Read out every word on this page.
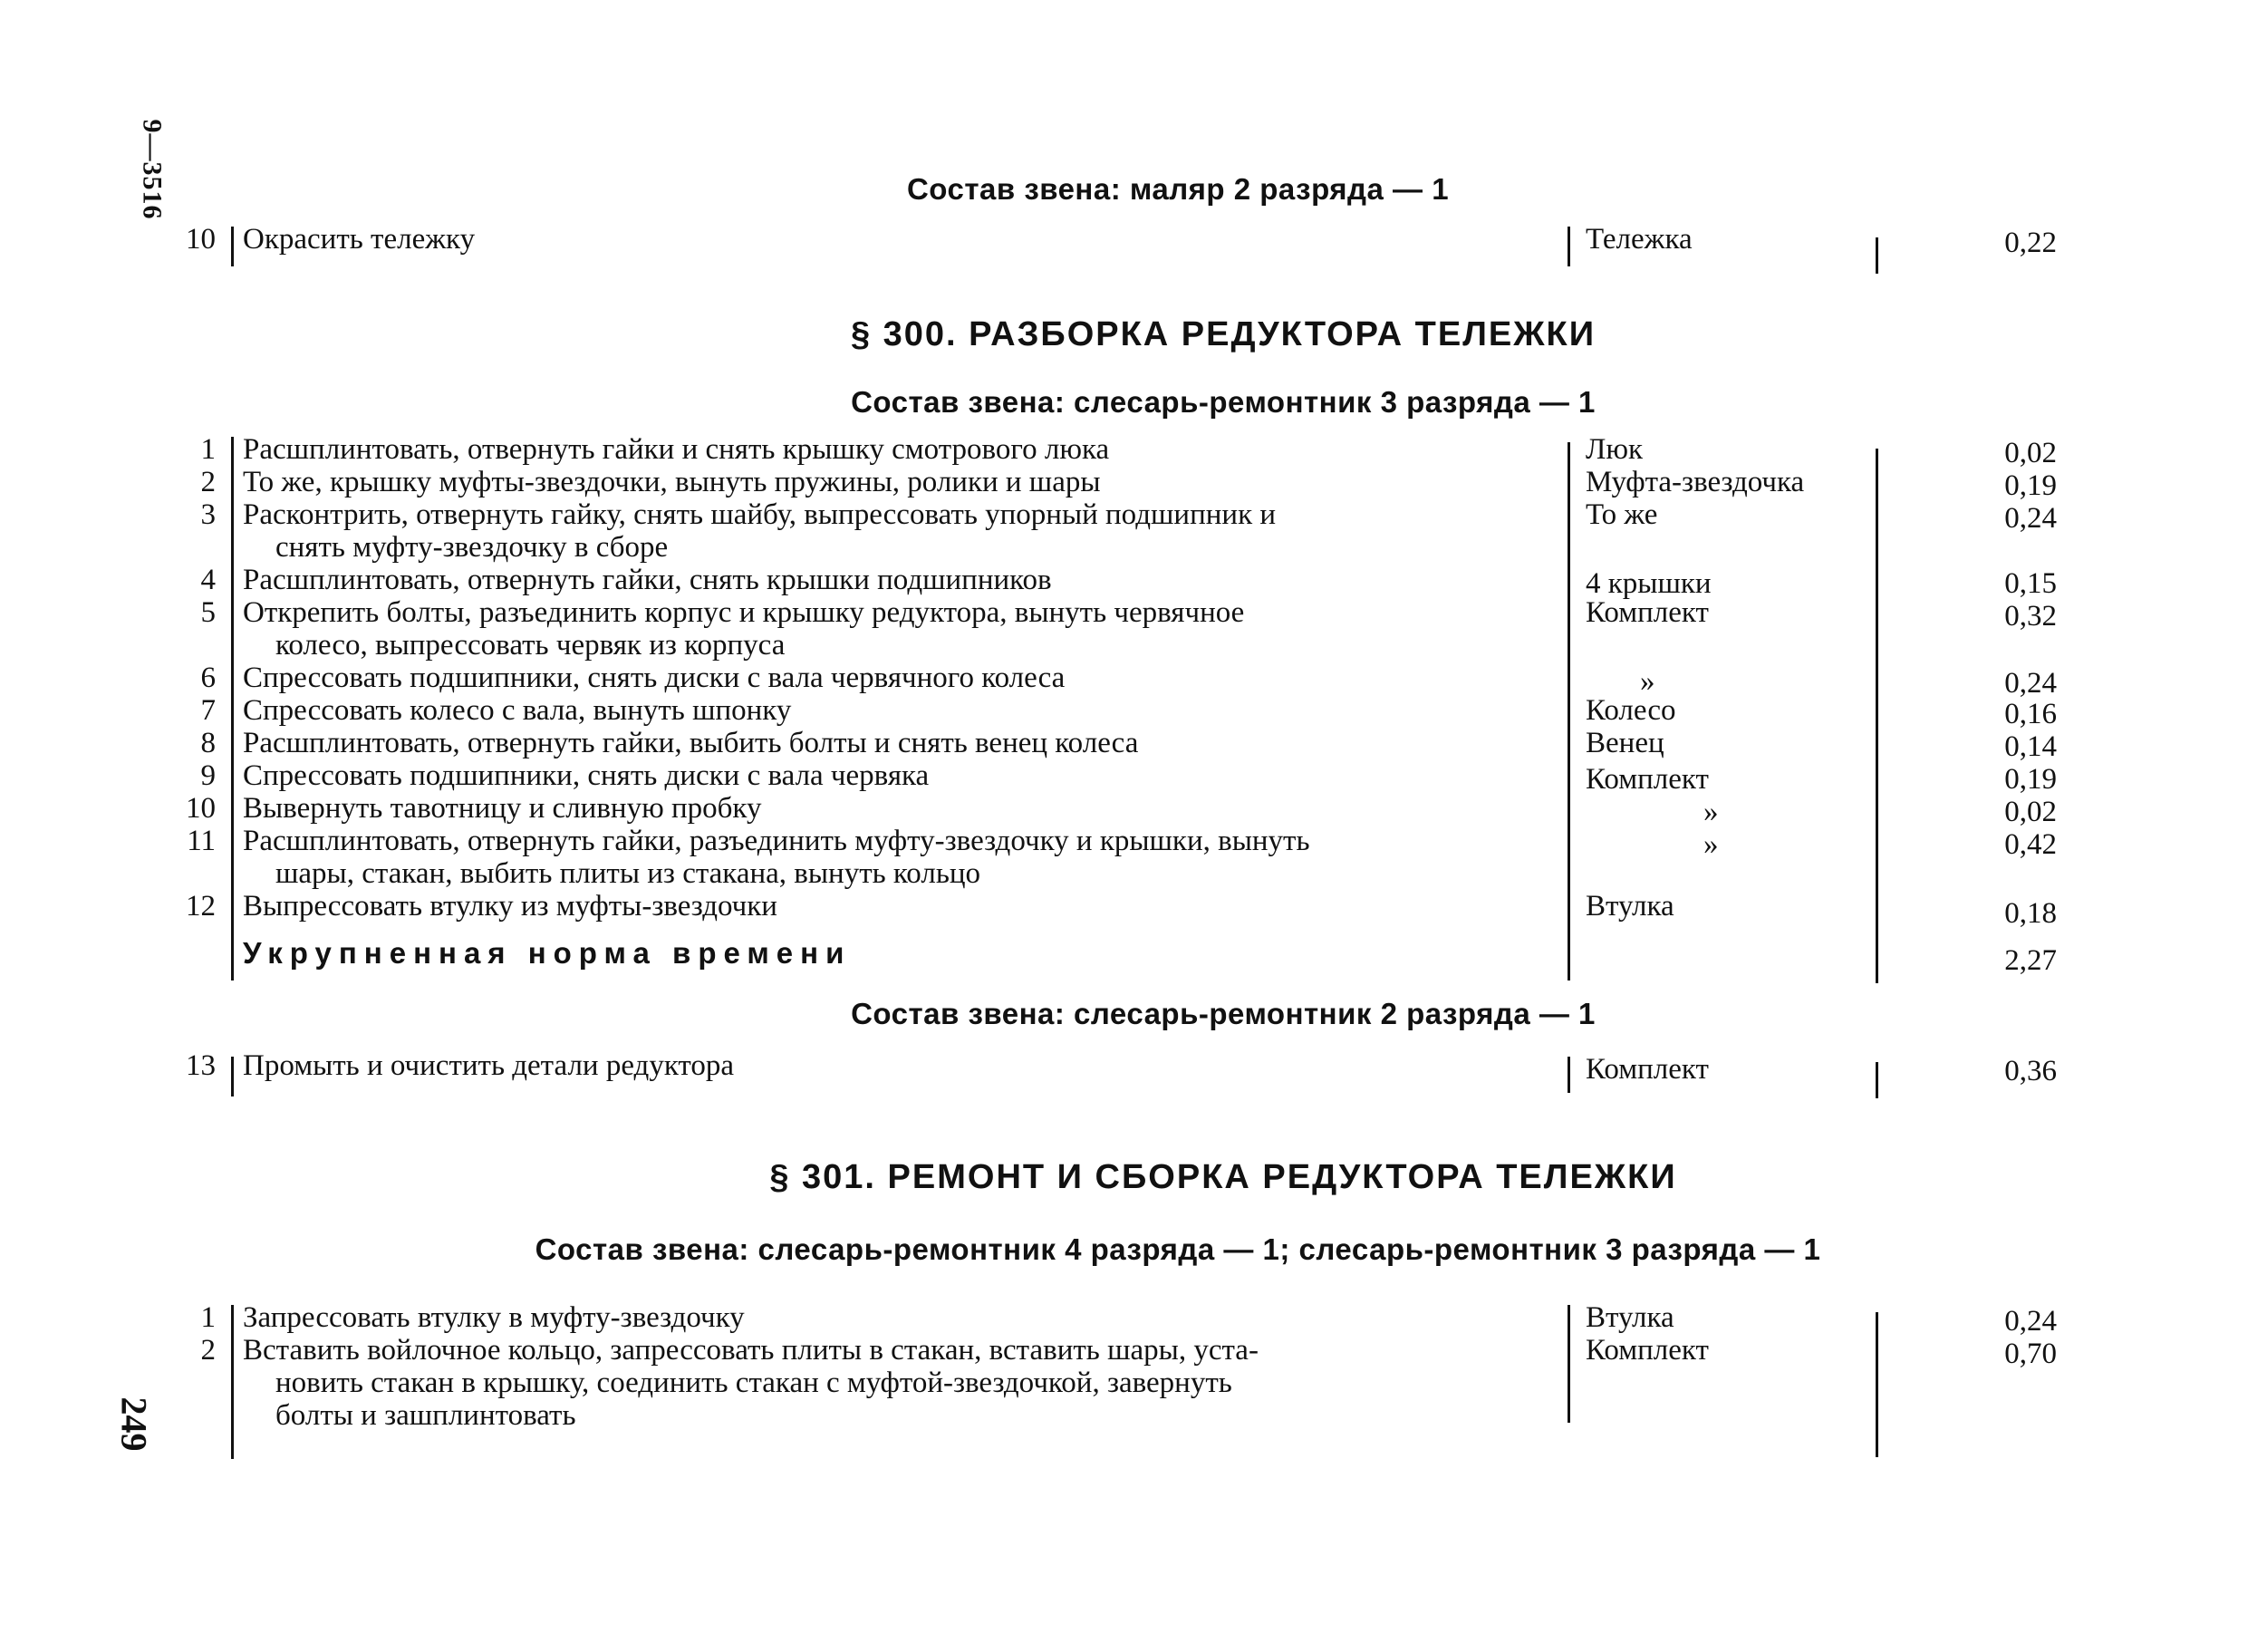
9—3516
249
Состав звена: маляр 2 разряда — 1
10 Окрасить тележку	Тележка	0,22
§ 300. РАЗБОРКА РЕДУКТОРА ТЕЛЕЖКИ
Состав звена: слесарь-ремонтник 3 разряда — 1
1 Расшплинтовать, отвернуть гайки и снять крышку смотрового люка	Люк	0,02
2 То же, крышку муфты-звездочки, вынуть пружины, ролики и шары	Муфта-звездочка	0,19
3 Расконтрить, отвернуть гайку, снять шайбу, выпрессовать упорный подшипник и	То же	0,24
снять муфту-звездочку в сборе
4 Расшплинтовать, отвернуть гайки, снять крышки подшипников	4 крышки	0,15
5 Открепить болты, разъединить корпус и крышку редуктора, вынуть червячное	Комплект	0,32
колесо, выпрессовать червяк из корпуса
6 Спрессовать подшипники, снять диски с вала червячного колеса	»	0,24
7 Спрессовать колесо с вала, вынуть шпонку	Колесо	0,16
8 Расшплинтовать, отвернуть гайки, выбить болты и снять венец колеса	Венец	0,14
9 Спрессовать подшипники, снять диски с вала червяка	Комплект	0,19
10 Вывернуть тавотницу и сливную пробку	»	0,02
11 Расшплинтовать, отвернуть гайки, разъединить муфту-звездочку и крышки, вынуть	»	0,42
шары, стакан, выбить плиты из стакана, вынуть кольцо
12 Выпрессовать втулку из муфты-звездочки	Втулка	0,18
Укрупненная норма времени	2,27
Состав звена: слесарь-ремонтник 2 разряда — 1
13 Промыть и очистить детали редуктора	Комплект	0,36
§ 301. РЕМОНТ И СБОРКА РЕДУКТОРА ТЕЛЕЖКИ
Состав звена: слесарь-ремонтник 4 разряда — 1; слесарь-ремонтник 3 разряда — 1
1 Запрессовать втулку в муфту-звездочку	Втулка	0,24
2 Вставить войлочное кольцо, запрессовать плиты в стакан, вставить шары, уста-	Комплект	0,70
новить стакан в крышку, соединить стакан с муфтой-звездочкой, завернуть
болты и зашплинтовать
